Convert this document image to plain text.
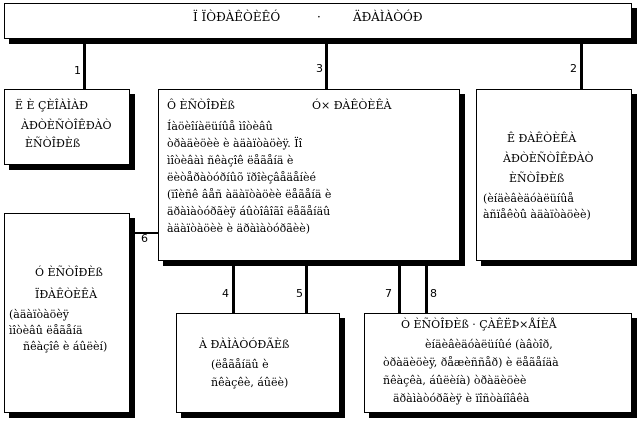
Ï ÏÒÐÀÊÒÈÊÓ	·	ÄÐÀÌÀÒÓÐ
1	3	2
6
4	5	7	8
Ë È ÇÈÎÀÌÀÐ
ÀÐÒÈÑÒÎÊÐÀÒ
ÈÑÒÎÐÈß
Ô ÈÑÒÎÐÈß	Ó× ÐÀÊÒÈÊÀ
Íàöèîíàëüíûå ìîòèâû
òðàäèöèè è àäàïòàöèÿ. Ïî
ìîòèâàì ñêàçîê ëåãåíä è
ëèòåðàòóðíûõ ïðîèçâåäåíèé
(ïîèñê âåñ àäàïòàöèè ëåãåíä è
äðàìàòóðãèÿ áûòîâîãî ëåãåíäû
àäàïòàöèè è äðàìàòóðãèè)
Ê ÐÀÊÒÈÊÀ
ÀÐÒÈÑÒÎÊÐÀÒ
ÈÑÒÎÐÈß
(èíäèâèäóàëüíûå
àñïåêòû àäàïòàöèè)
Ó ÈÑÒÎÐÈß
ÏÐÀÊÒÈÊÀ
(àäàïòàöèÿ
ìîòèâû ëåãåíä
ñêàçîê è áûëèí)	À ÐÀÌÀÒÓÐÃÈß
(ëåãåíäû è
ñêàçêè, áûëè)
Ò ÈÑÒÎÐÈß · ÇÀÊËÞ×ÅÍÈÅ
èíäèâèäóàëüíûé (àâòîð,
òðàäèöèÿ, ðåæèññåð) è ëåãåíäà
ñêàçêà, áûëèíà) òðàäèöèè
äðàìàòóðãèÿ è ïîñòàíîâêà
